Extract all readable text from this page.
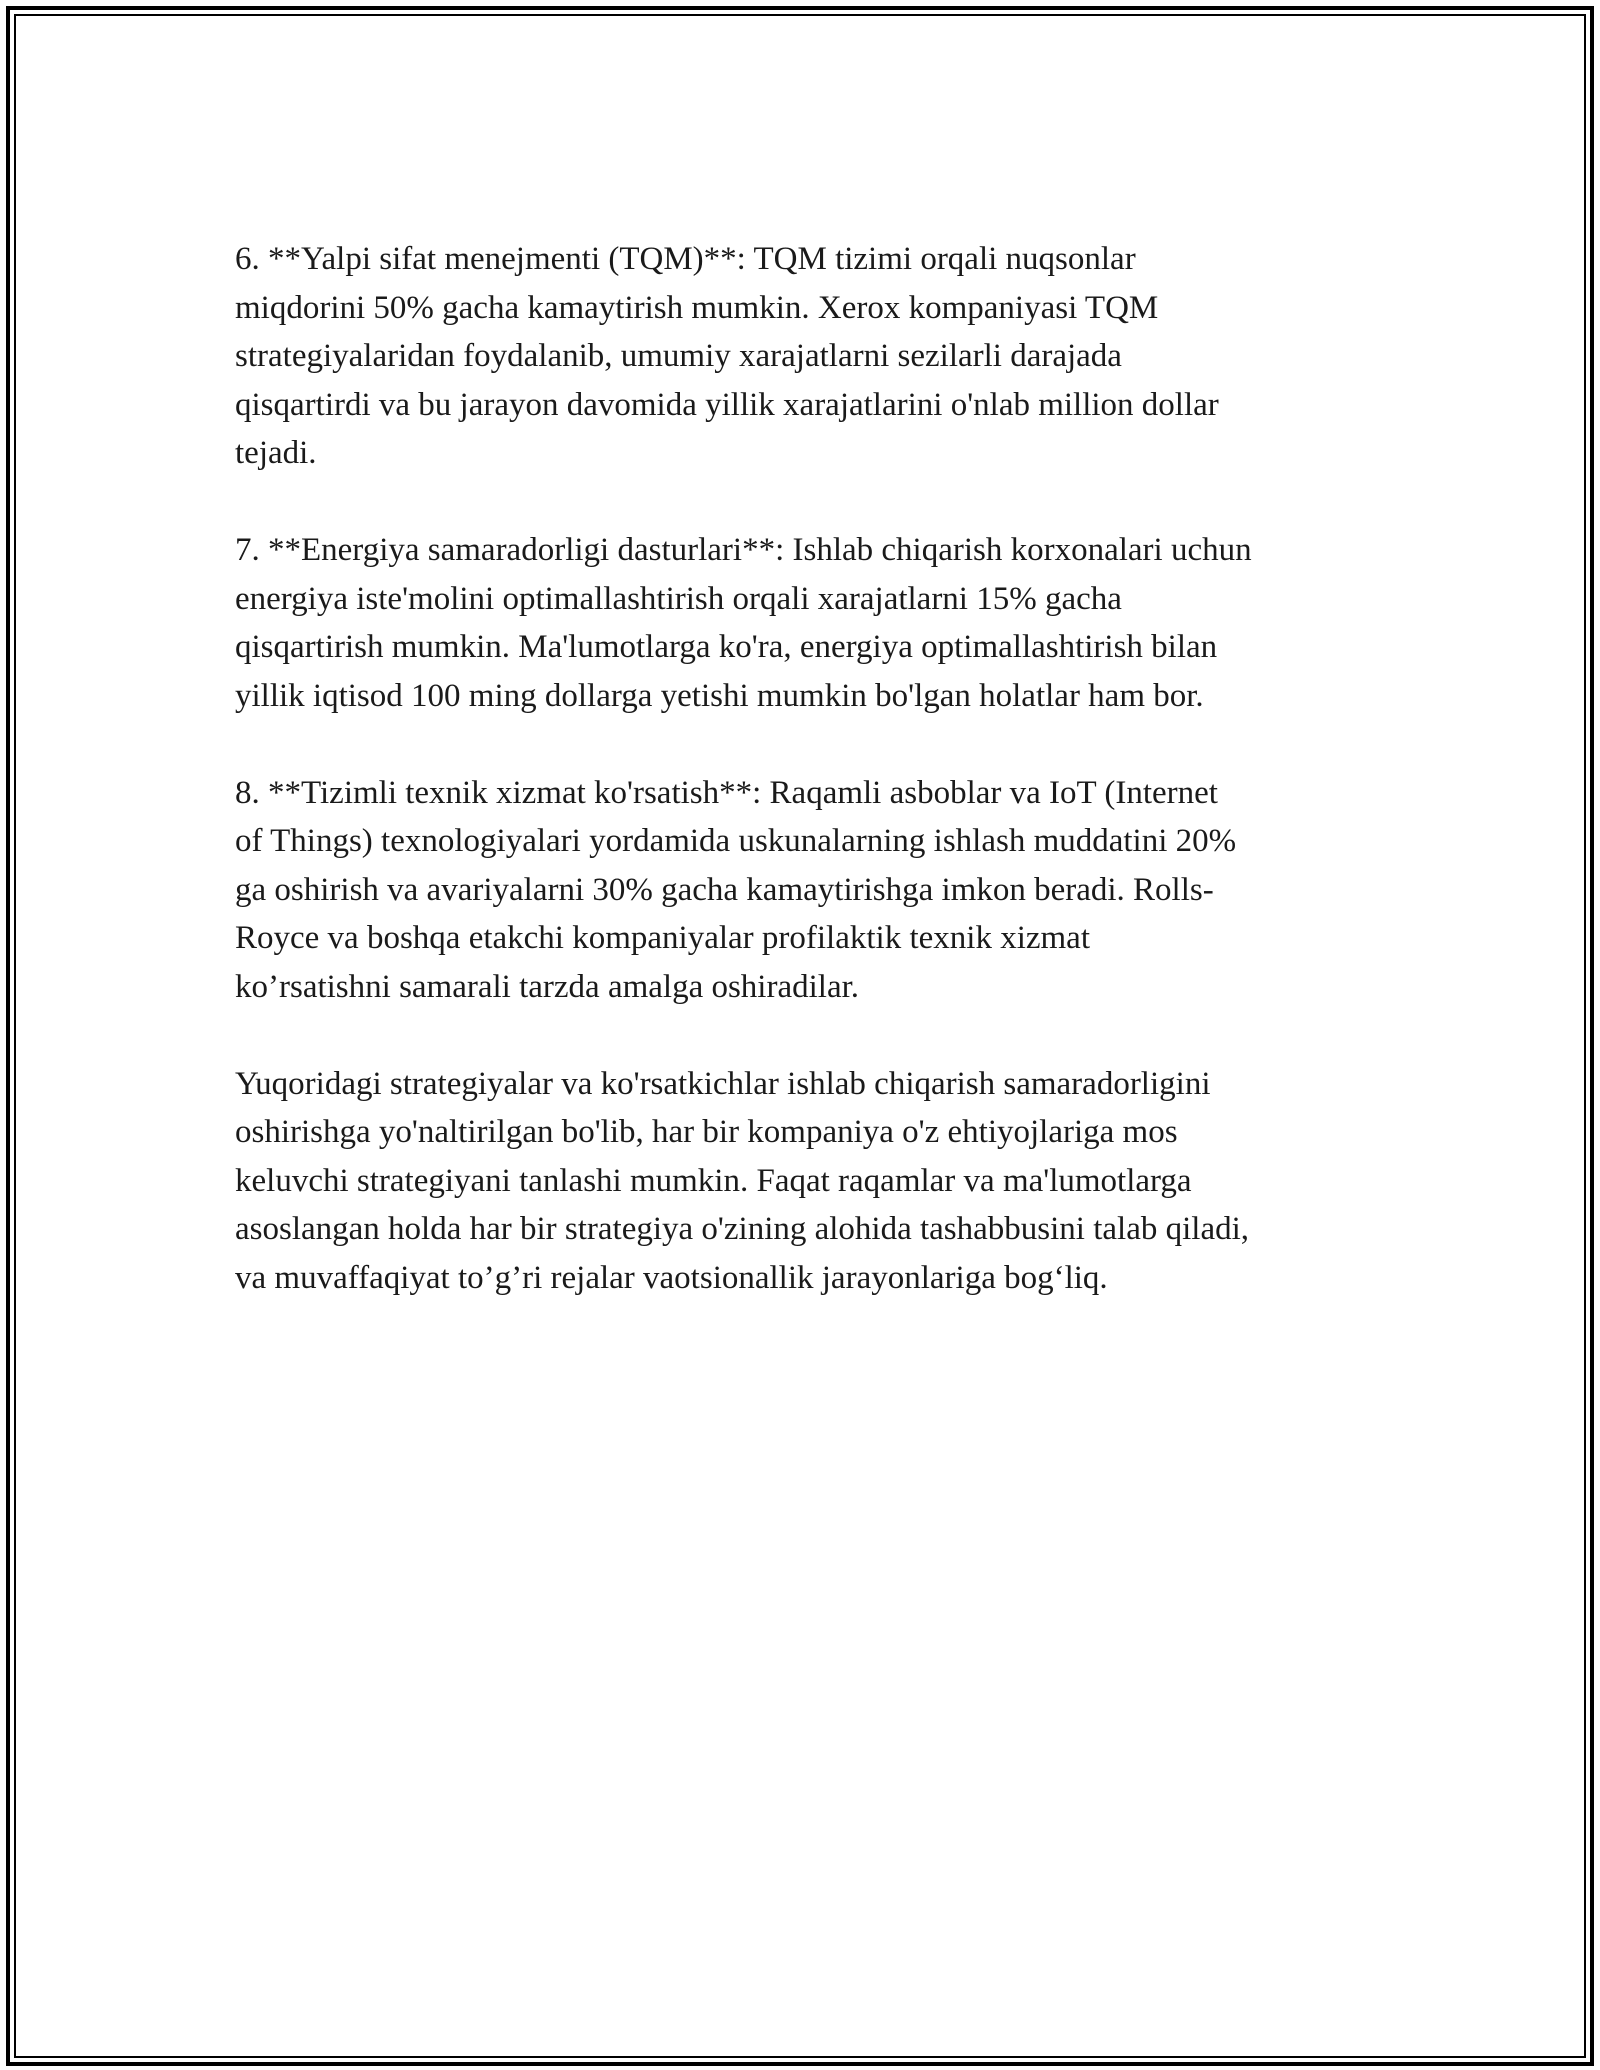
6. **Yalpi sifat menejmenti (TQM)**: TQM tizimi orqali nuqsonlar
miqdorini 50% gacha kamaytirish mumkin. Xerox kompaniyasi TQM
strategiyalaridan foydalanib, umumiy xarajatlarni sezilarli darajada
qisqartirdi va bu jarayon davomida yillik xarajatlarini o'nlab million dollar
tejadi.

7. **Energiya samaradorligi dasturlari**: Ishlab chiqarish korxonalari uchun
energiya iste'molini optimallashtirish orqali xarajatlarni 15% gacha
qisqartirish mumkin. Ma'lumotlarga ko'ra, energiya optimallashtirish bilan
yillik iqtisod 100 ming dollarga yetishi mumkin bo'lgan holatlar ham bor.

8. **Tizimli texnik xizmat ko'rsatish**: Raqamli asboblar va IoT (Internet
of Things) texnologiyalari yordamida uskunalarning ishlash muddatini 20%
ga oshirish va avariyalarni 30% gacha kamaytirishga imkon beradi. Rolls-
Royce va boshqa etakchi kompaniyalar profilaktik texnik xizmat
ko’rsatishni samarali tarzda amalga oshiradilar.

Yuqoridagi strategiyalar va ko'rsatkichlar ishlab chiqarish samaradorligini
oshirishga yo'naltirilgan bo'lib, har bir kompaniya o'z ehtiyojlariga mos
keluvchi strategiyani tanlashi mumkin. Faqat raqamlar va ma'lumotlarga
asoslangan holda har bir strategiya o'zining alohida tashabbusini talab qiladi,
va muvaffaqiyat to’g’ri rejalar vaotsionallik jarayonlariga bog‘liq.
